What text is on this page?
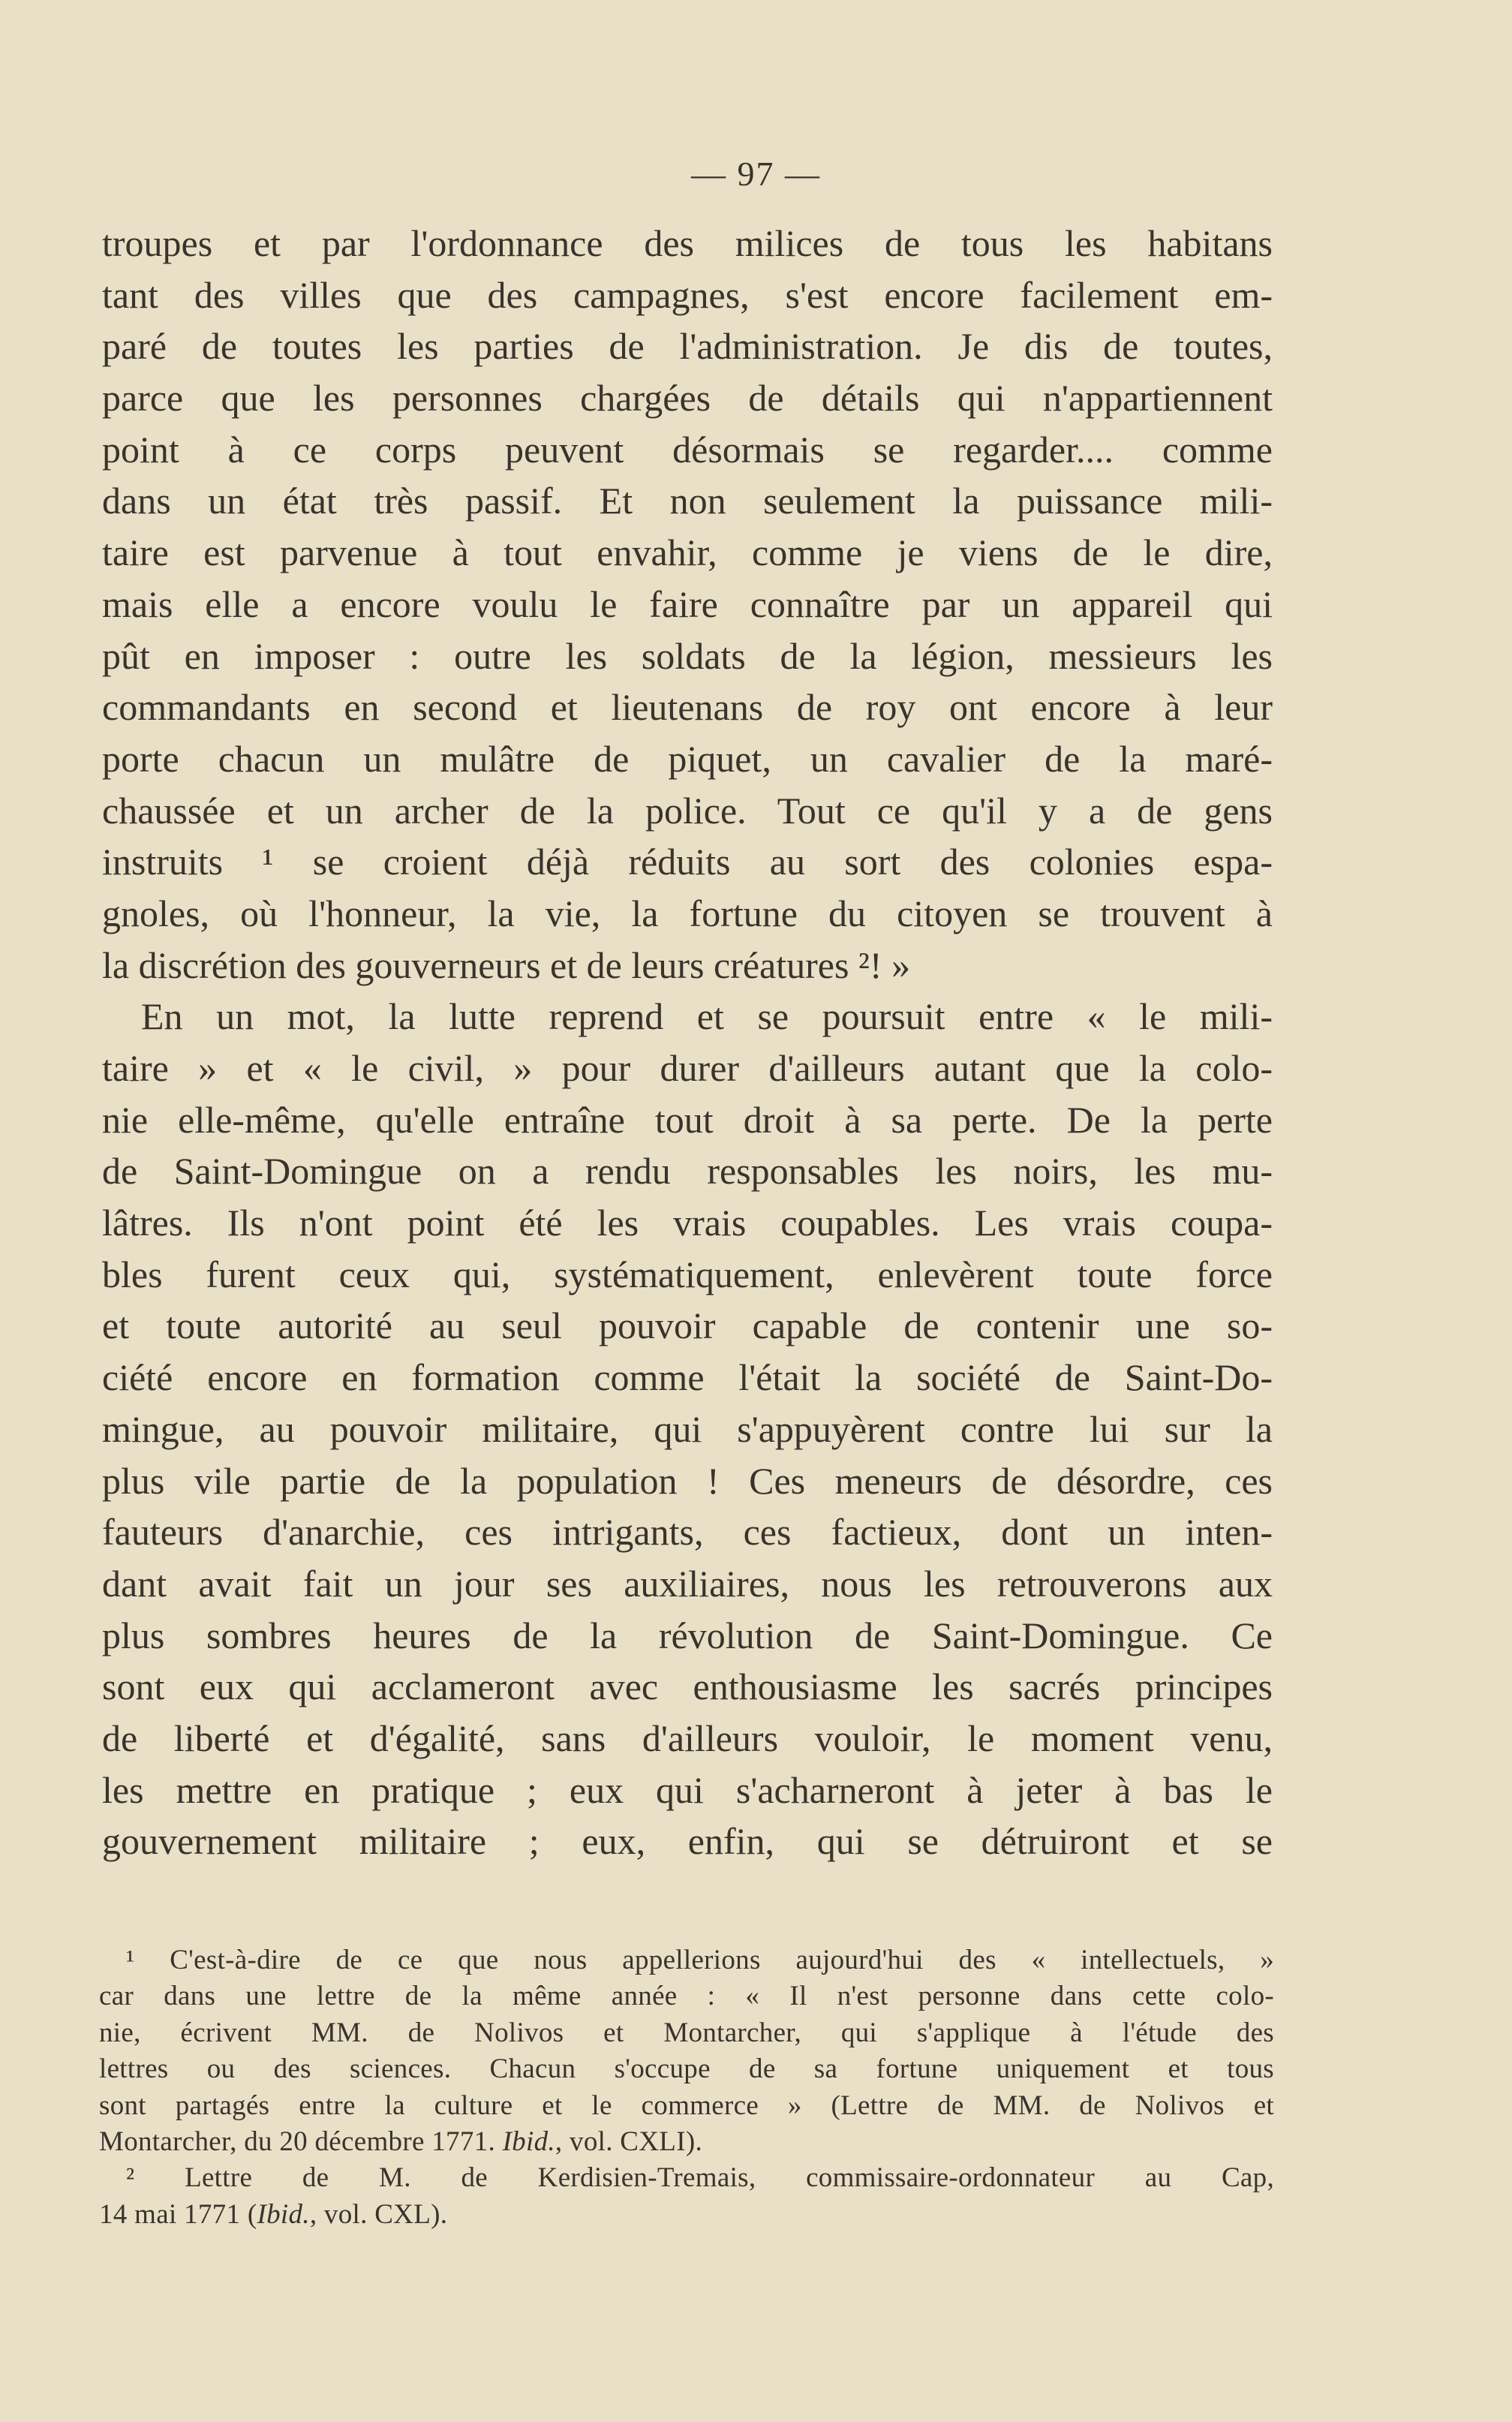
— 97 —
troupes et par l'ordonnance des milices de tous les habitans
tant des villes que des campagnes, s'est encore facilement em-
paré de toutes les parties de l'administration. Je dis de toutes,
parce que les personnes chargées de détails qui n'appartiennent
point à ce corps peuvent désormais se regarder.... comme
dans un état très passif. Et non seulement la puissance mili-
taire est parvenue à tout envahir, comme je viens de le dire,
mais elle a encore voulu le faire connaître par un appareil qui
pût en imposer : outre les soldats de la légion, messieurs les
commandants en second et lieutenans de roy ont encore à leur
porte chacun un mulâtre de piquet, un cavalier de la maré-
chaussée et un archer de la police. Tout ce qu'il y a de gens
instruits ¹ se croient déjà réduits au sort des colonies espa-
gnoles, où l'honneur, la vie, la fortune du citoyen se trouvent à
la discrétion des gouverneurs et de leurs créatures ²! »
En un mot, la lutte reprend et se poursuit entre « le mili-
taire » et « le civil, » pour durer d'ailleurs autant que la colo-
nie elle-même, qu'elle entraîne tout droit à sa perte. De la perte
de Saint-Domingue on a rendu responsables les noirs, les mu-
lâtres. Ils n'ont point été les vrais coupables. Les vrais coupa-
bles furent ceux qui, systématiquement, enlevèrent toute force
et toute autorité au seul pouvoir capable de contenir une so-
ciété encore en formation comme l'était la société de Saint-Do-
mingue, au pouvoir militaire, qui s'appuyèrent contre lui sur la
plus vile partie de la population ! Ces meneurs de désordre, ces
fauteurs d'anarchie, ces intrigants, ces factieux, dont un inten-
dant avait fait un jour ses auxiliaires, nous les retrouverons aux
plus sombres heures de la révolution de Saint-Domingue. Ce
sont eux qui acclameront avec enthousiasme les sacrés principes
de liberté et d'égalité, sans d'ailleurs vouloir, le moment venu,
les mettre en pratique ; eux qui s'acharneront à jeter à bas le
gouvernement militaire ; eux, enfin, qui se détruiront et se
¹ C'est-à-dire de ce que nous appellerions aujourd'hui des « intellectuels, »
car dans une lettre de la même année : « Il n'est personne dans cette colo-
nie, écrivent MM. de Nolivos et Montarcher, qui s'applique à l'étude des
lettres ou des sciences. Chacun s'occupe de sa fortune uniquement et tous
sont partagés entre la culture et le commerce » (Lettre de MM. de Nolivos et
Montarcher, du 20 décembre 1771. Ibid., vol. CXLI).
² Lettre de M. de Kerdisien-Tremais, commissaire-ordonnateur au Cap,
14 mai 1771 (Ibid., vol. CXL).
